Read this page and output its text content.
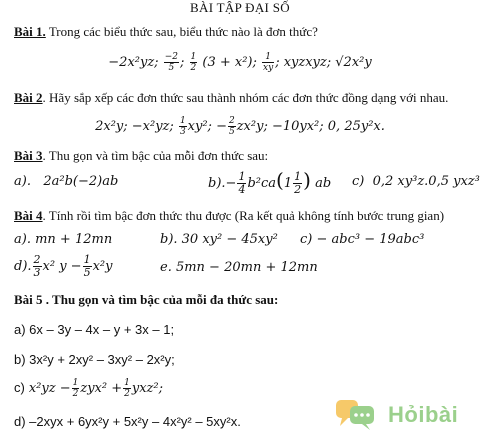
BÀI TẬP ĐẠI SỐ
Bài 1. Trong các biểu thức sau, biểu thức nào là đơn thức?
−2x²yz; $\frac{-2}{5}$ ; $\frac{1}{2} (3 + x^2)$; $\frac{1}{xy}$ ; xyzxyz; √2x²y
Bài 2. Hãy sắp xếp các đơn thức sau thành nhóm các đơn thức đồng dạng với nhau.
2x²y; −x²yz; $\frac{1}{3} xy^2$; − $\frac{2}{5} zx^2y$; −10yx²; 0, 25y²x.
Bài 3. Thu gọn và tìm bậc của mỗi đơn thức sau:
a). 2a²b(−2)ab	$b).- \frac{1}{4} b^2ca(1 \frac{1}{2}$ ) ab c) 0,2 xy³z.0,5 yxz³
Bài 4. Tính rồi tìm bậc đơn thức thu được (Ra kết quả không tính bước trung gian)
a). mn + 12mn	b). 30 xy² − 45xy² c) − abc³ − 19abc³
d). $\frac{2}{3} x^2$ $y - \frac{1}{5} x^2y$	e. 5mn − 20mn + 12mn
Bài 5 . Thu gọn và tìm bậc của mỗi đa thức sau:
a) 6x – 3y – 4x – y + 3x – 1;
b) 3x²y + 2xy² – 3xy² – 2x²y;
c) $x^2yz - \frac{1}{2} zyx^2 + \frac{1}{2} yxz^2$;
d) –2xyx + 6yx²y + 5x²y – 4x²y² – 5xy²x.	Hỏibài
